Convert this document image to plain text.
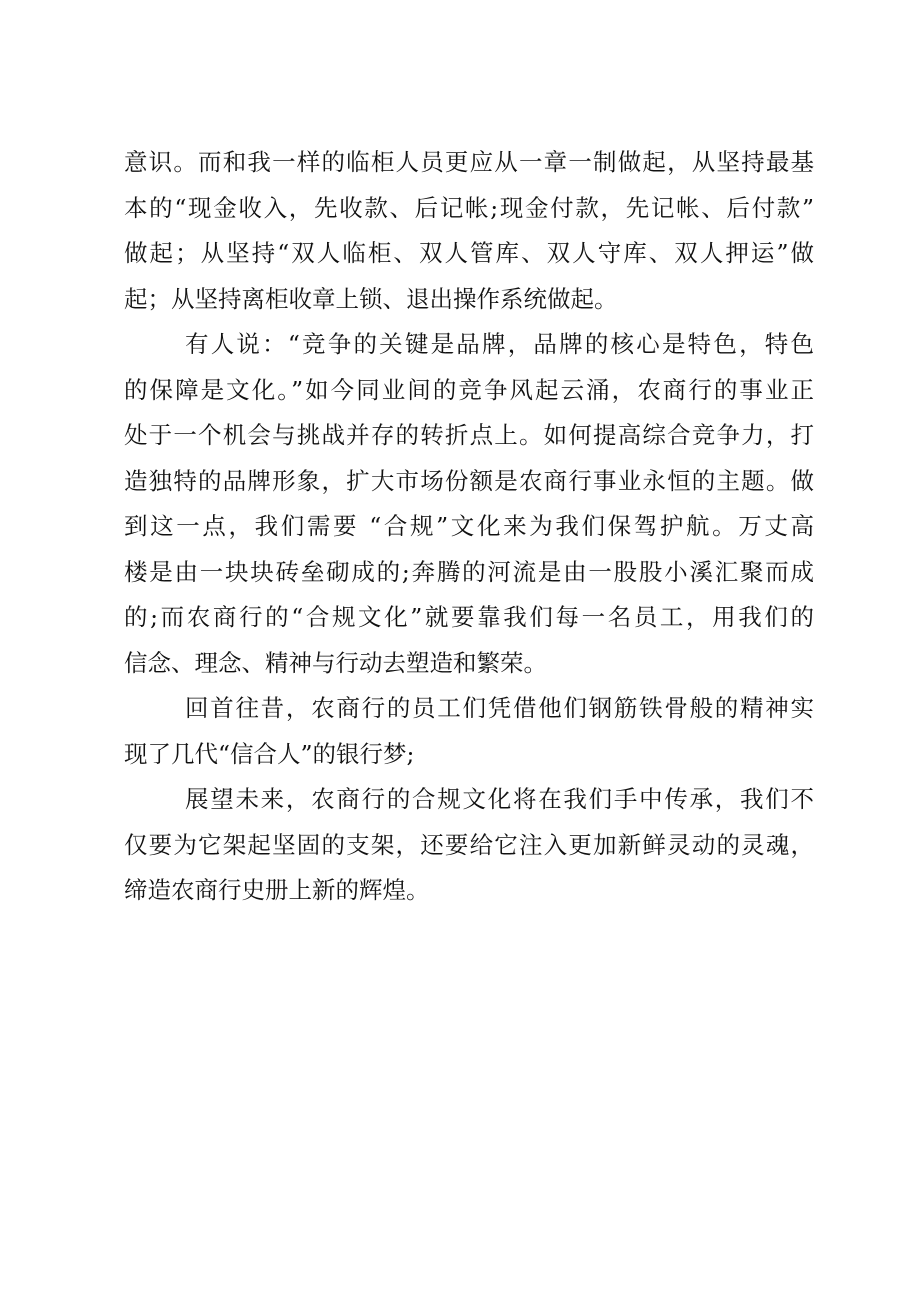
意识。而和我一样的临柜人员更应从一章一制做起，从坚持最基
本的“现金收入，先收款、后记帐;现金付款，先记帐、后付款”
做起；从坚持“双人临柜、双人管库、双人守库、双人押运”做
起；从坚持离柜收章上锁、退出操作系统做起。
有人说：“竞争的关键是品牌，品牌的核心是特色，特色
的保障是文化。”如今同业间的竞争风起云涌，农商行的事业正
处于一个机会与挑战并存的转折点上。如何提高综合竞争力，打
造独特的品牌形象，扩大市场份额是农商行事业永恒的主题。做
到这一点，我们需要 “合规”文化来为我们保驾护航。万丈高
楼是由一块块砖垒砌成的;奔腾的河流是由一股股小溪汇聚而成
的;而农商行的“合规文化”就要靠我们每一名员工，用我们的
信念、理念、精神与行动去塑造和繁荣。
回首往昔，农商行的员工们凭借他们钢筋铁骨般的精神实
现了几代“信合人”的银行梦;
展望未来，农商行的合规文化将在我们手中传承，我们不
仅要为它架起坚固的支架，还要给它注入更加新鲜灵动的灵魂，
缔造农商行史册上新的辉煌。
